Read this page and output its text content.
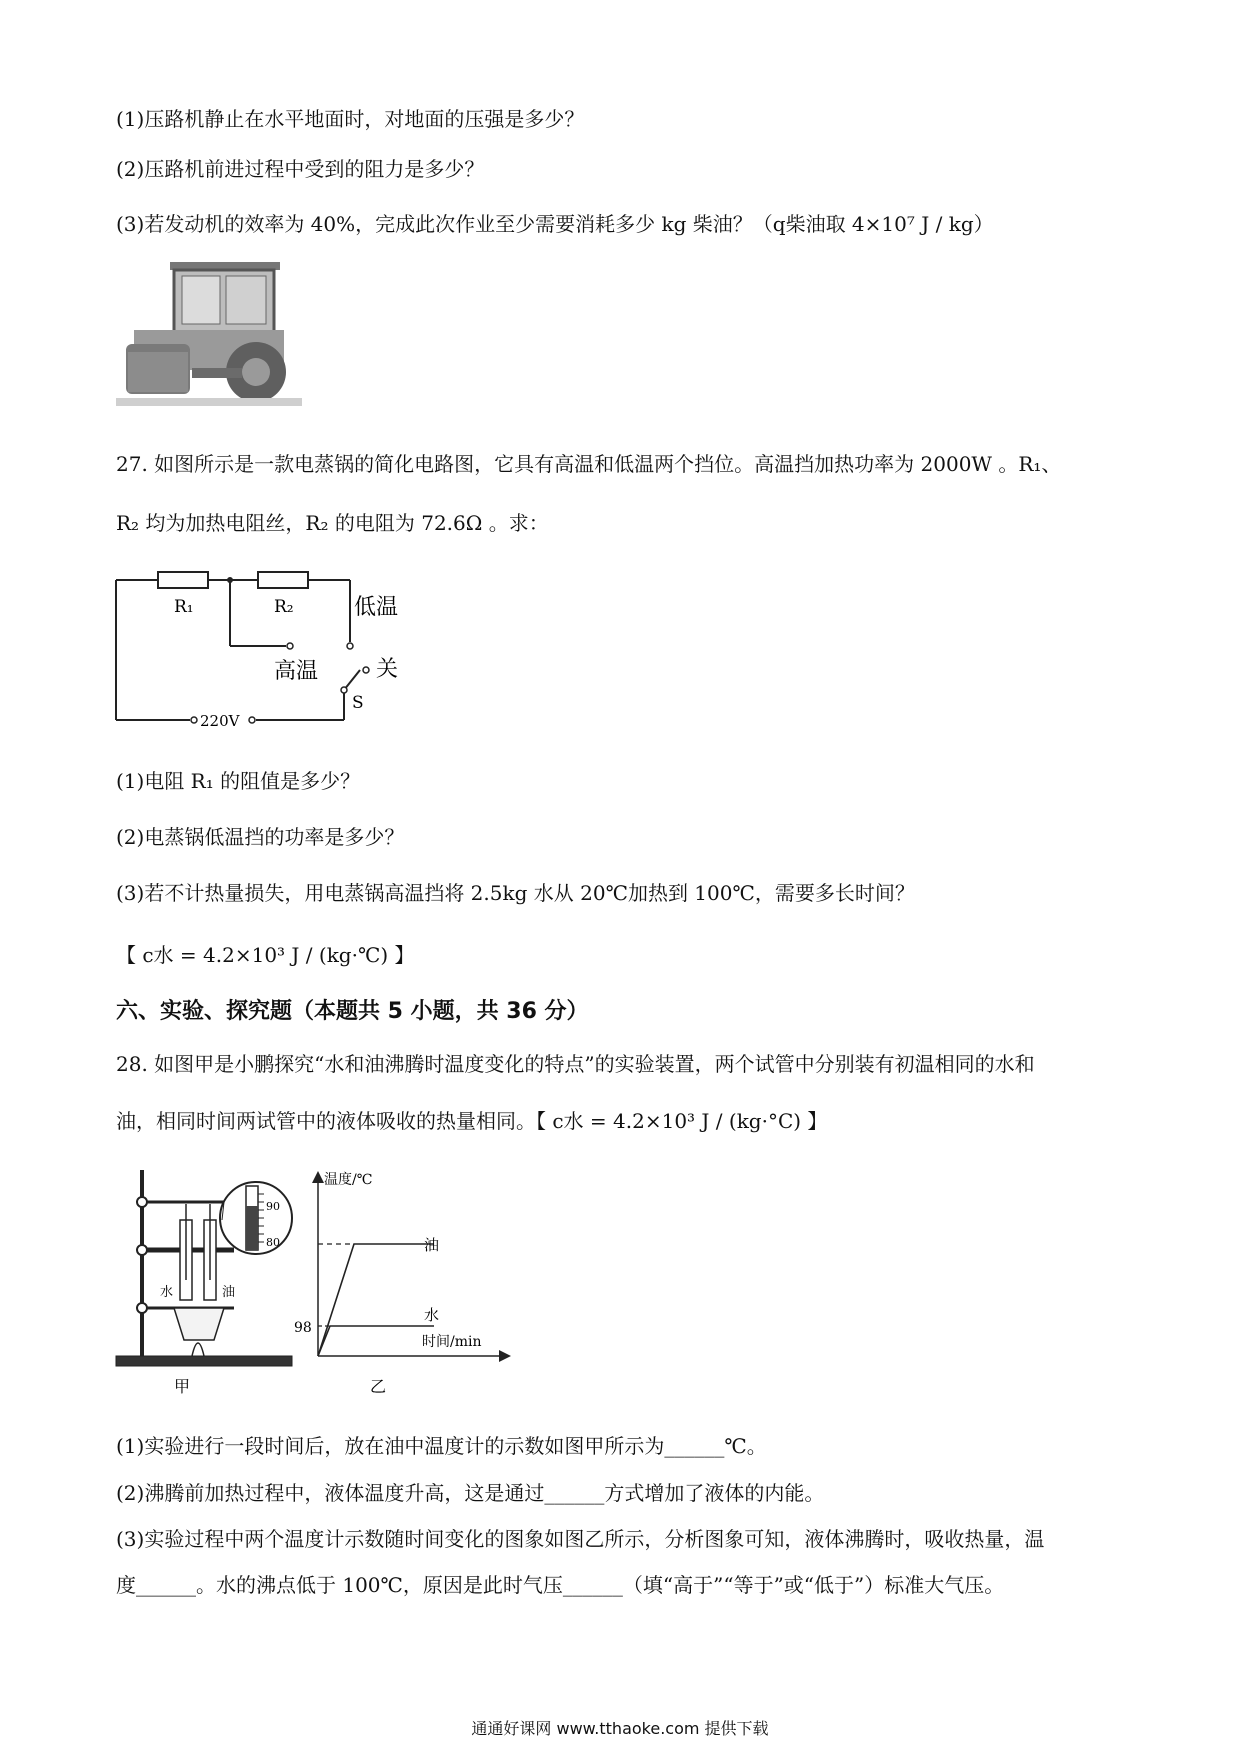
(1)压路机静止在水平地面时，对地面的压强是多少？
(2)压路机前进过程中受到的阻力是多少？
(3)若发动机的效率为 40%，完成此次作业至少需要消耗多少 kg 柴油？（q柴油取 4×10⁷ J / kg）
27. 如图所示是一款电蒸锅的简化电路图，它具有高温和低温两个挡位。高温挡加热功率为 2000W 。R₁、
R₂ 均为加热电阻丝，R₂ 的电阻为 72.6Ω 。求：
R₁	R₂	低温
高温	关
S
220V
(1)电阻 R₁ 的阻值是多少？
(2)电蒸锅低温挡的功率是多少？
(3)若不计热量损失，用电蒸锅高温挡将 2.5kg 水从 20℃加热到 100℃，需要多长时间？
【 c水 = 4.2×10³ J / (kg·℃) 】
六、实验、探究题（本题共 5 小题，共 36 分）
28. 如图甲是小鹏探究“水和油沸腾时温度变化的特点”的实验装置，两个试管中分别装有初温相同的水和
油，相同时间两试管中的液体吸收的热量相同。【 c水 = 4.2×10³ J / (kg·°C) 】
90
80
水	油
甲
温度/℃
时间/min
油
水
98
乙
(1)实验进行一段时间后，放在油中温度计的示数如图甲所示为______℃。
(2)沸腾前加热过程中，液体温度升高，这是通过______方式增加了液体的内能。
(3)实验过程中两个温度计示数随时间变化的图象如图乙所示，分析图象可知，液体沸腾时，吸收热量，温
度______。水的沸点低于 100℃，原因是此时气压______（填“高于”“等于”或“低于”）标准大气压。
通通好课网 www.tthaoke.com 提供下载
